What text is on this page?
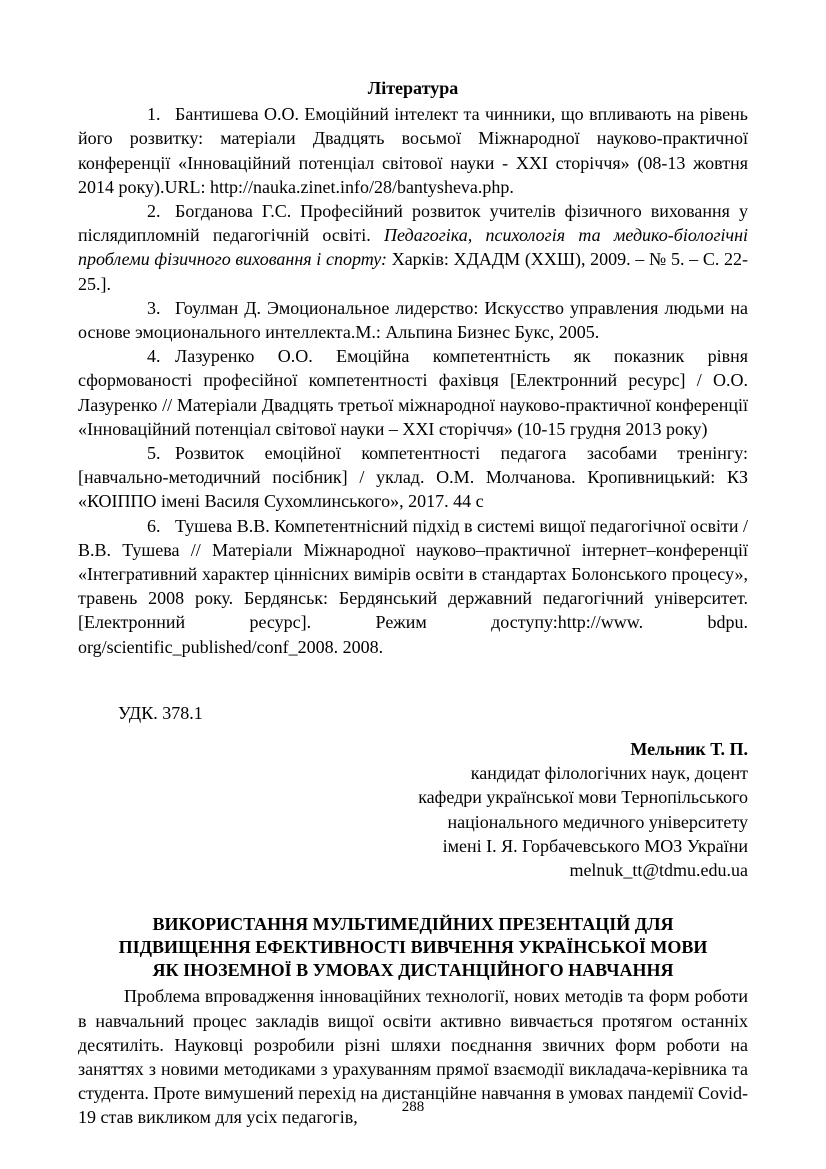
Література

1. Бантишева О.О. Емоційний інтелект та чинники, що впливають на рівень його розвитку: матеріали Двадцять восьмої Міжнародної науково-практичної конференції «Інноваційний потенціал світової науки - ХХІ сторіччя» (08-13 жовтня 2014 року).URL: http://nauka.zinet.info/28/bantysheva.php.

2. Богданова Г.С. Професійний розвиток учителів фізичного виховання у післядипломній педагогічній освіті. Педагогіка, психологія та медико-біологічні проблеми фізичного виховання і спорту: Харків: ХДАДМ (ХХШ), 2009. – № 5. – С. 22-25.].

3. Гоулман Д. Эмоциональное лидерство: Искусство управления людьми на основе эмоционального интеллекта.М.: Альпина Бизнес Букс, 2005.

4. Лазуренко О.О. Емоційна компетентність як показник рівня сформованості професійної компетентності фахівця [Електронний ресурс] / О.О. Лазуренко // Матеріали Двадцять третьої міжнародної науково-практичної конференції «Інноваційний потенціал світової науки – ХХІ сторіччя» (10-15 грудня 2013 року)

5. Розвиток емоційної компетентності педагога засобами тренінгу: [навчально-методичний посібник] / уклад. О.М. Молчанова. Кропивницький: КЗ «КОІППО імені Василя Сухомлинського», 2017. 44 с

6. Тушева В.В. Компетентнісний підхід в системі вищої педагогічної освіти / В.В. Тушева // Матеріали Міжнародної науково–практичної інтернет–конференції «Інтегративний характер ціннісних вимірів освіти в стандартах Болонського процесу», травень 2008 року. Бердянськ: Бердянський державний педагогічний університет. [Електронний ресурс]. Режим доступу:http://www. bdpu. org/scientific_published/conf_2008. 2008.

УДК. 378.1

Мельник Т. П.

кандидат філологічних наук, доцент

кафедри української мови Тернопільського

національного медичного університету

імені І. Я. Горбачевського МОЗ України

melnuk_tt@tdmu.edu.ua

ВИКОРИСТАННЯ МУЛЬТИМЕДІЙНИХ ПРЕЗЕНТАЦІЙ ДЛЯ
ПІДВИЩЕННЯ ЕФЕКТИВНОСТІ ВИВЧЕННЯ УКРАЇНСЬКОЇ МОВИ
ЯК ІНОЗЕМНОЇ В УМОВАХ ДИСТАНЦІЙНОГО НАВЧАННЯ

Проблема впровадження інноваційних технології, нових методів та форм роботи в навчальний процес закладів вищої освіти активно вивчається протягом останніх десятиліть. Науковці розробили різні шляхи поєднання звичних форм роботи на заняттях з новими методиками з урахуванням прямої взаємодії викладача-керівника та студента. Проте вимушений перехід на дистанційне навчання в умовах пандемії Covid-19 став викликом для усіх педагогів,

288
